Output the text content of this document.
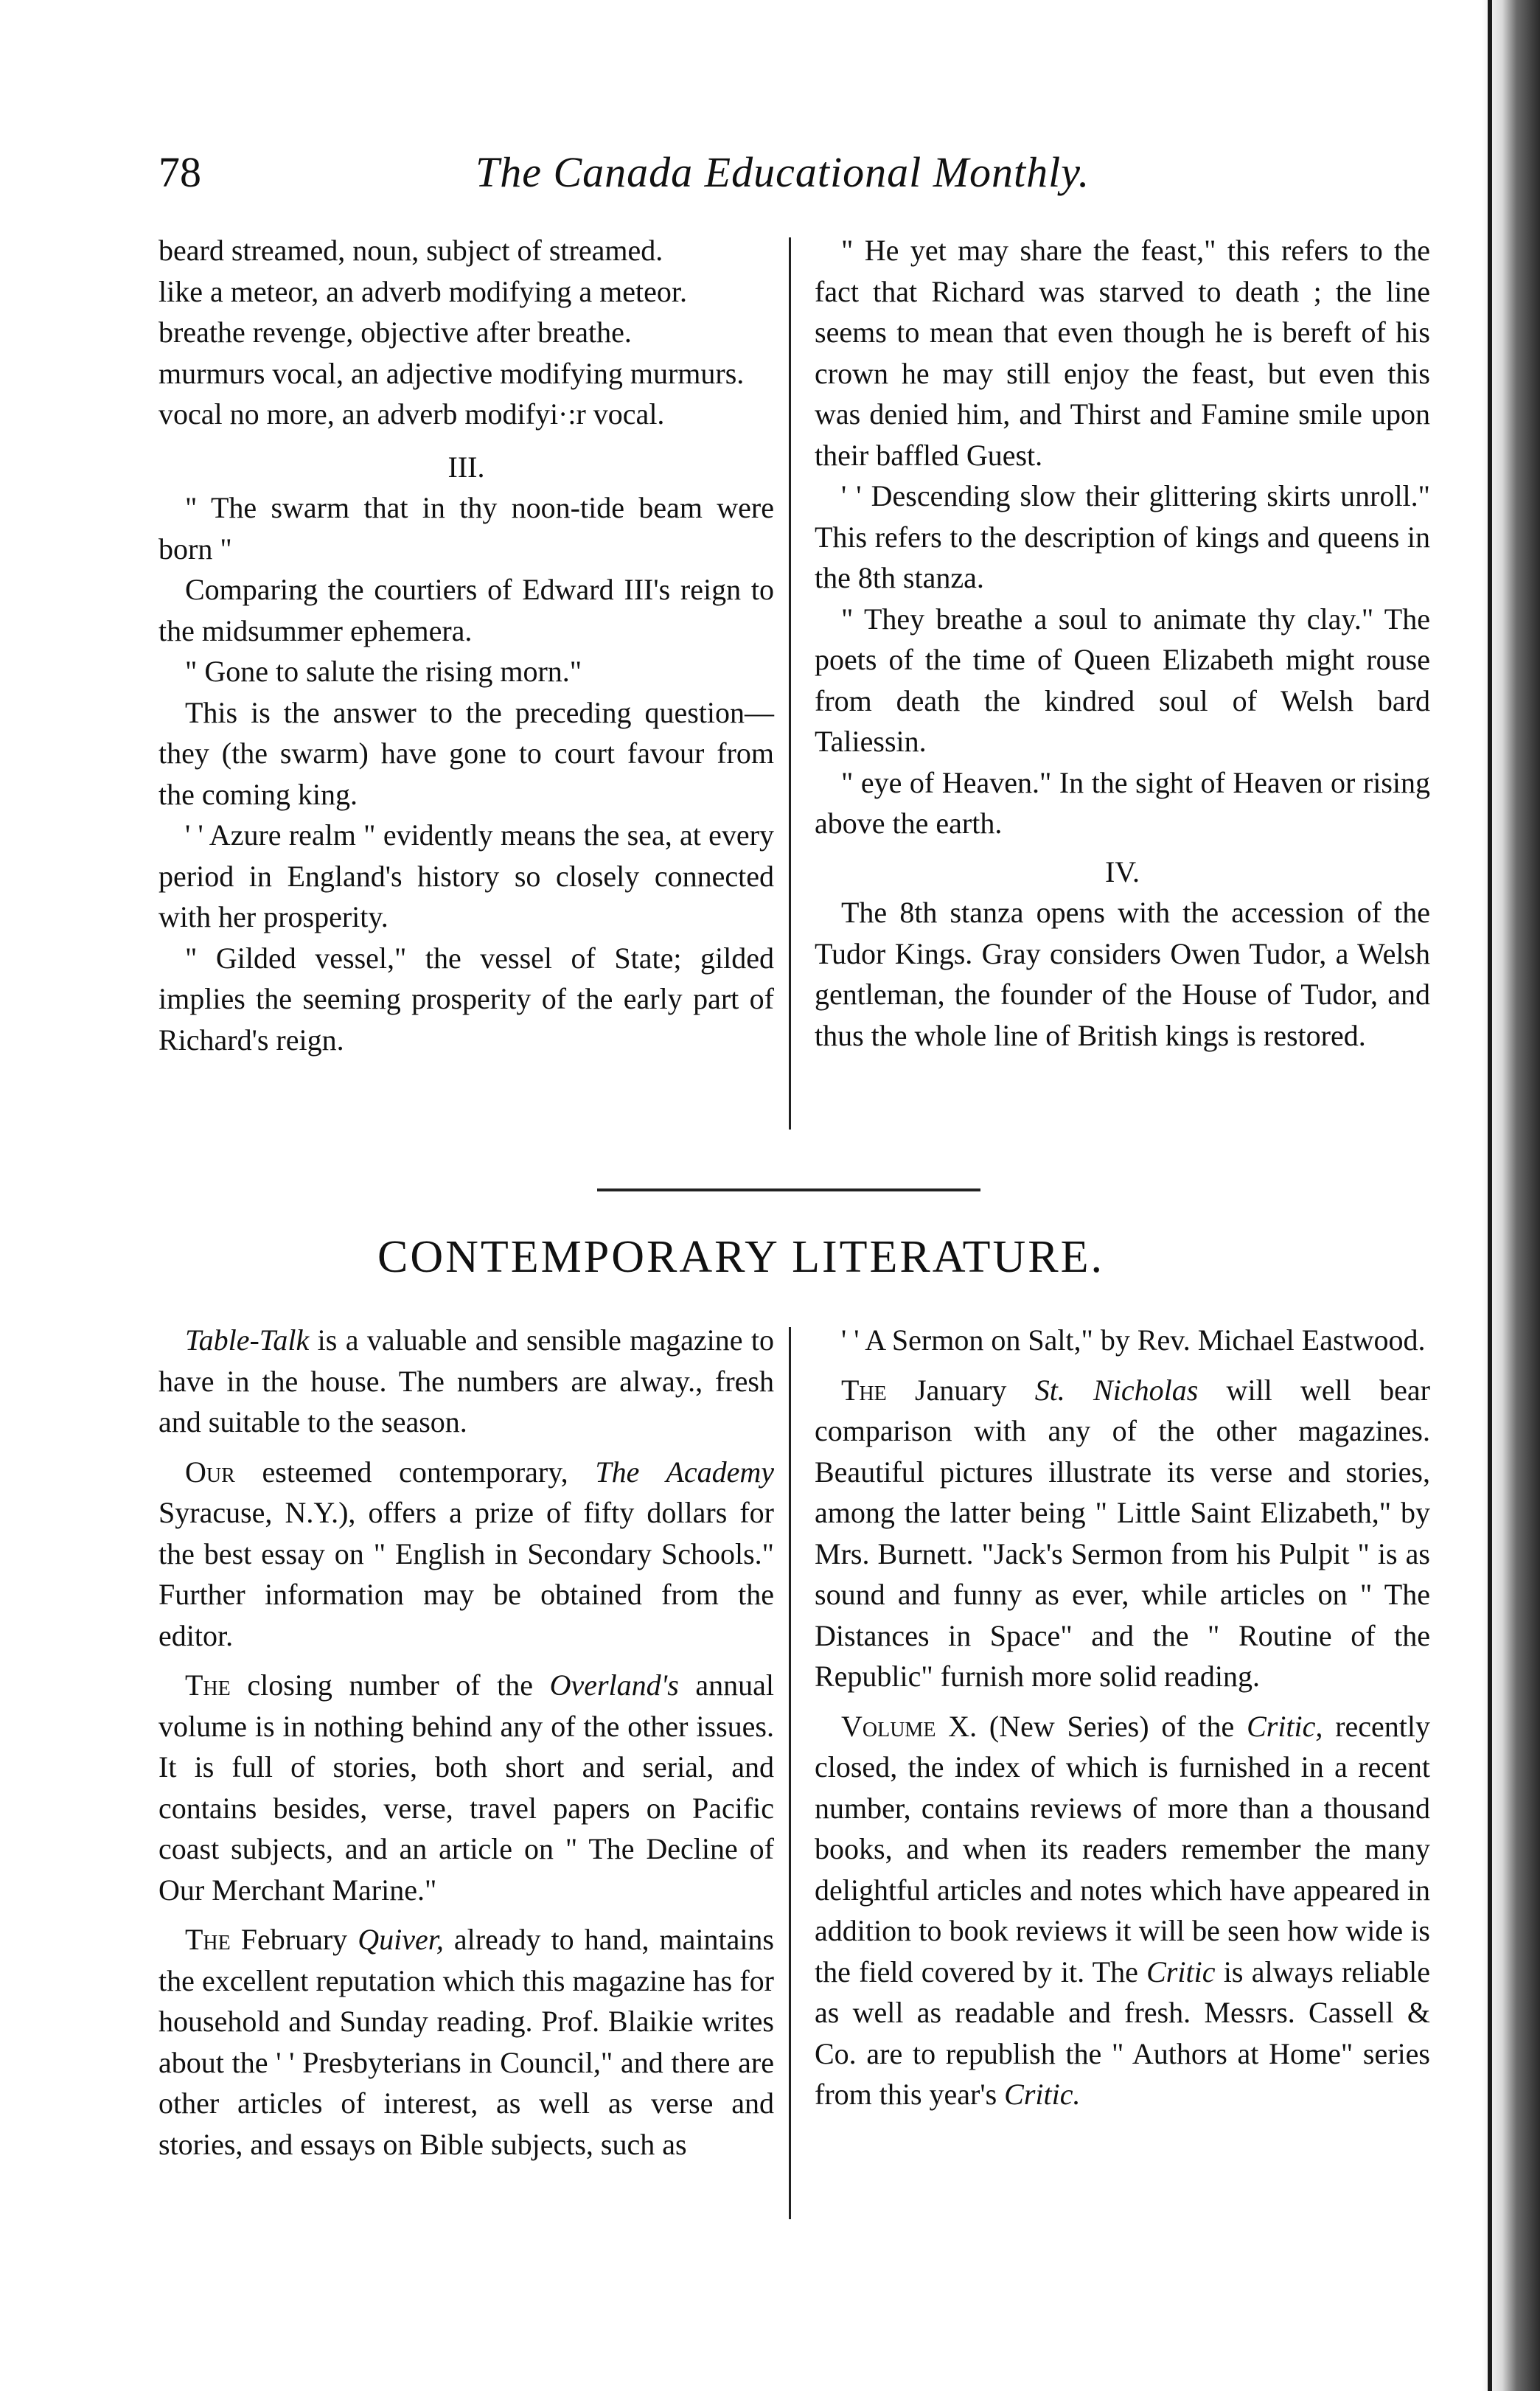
78	The Canada Educational Monthly.

beard streamed, noun, subject of streamed.

like a meteor, an adverb modifying a meteor.

breathe revenge, objective after breathe.

murmurs vocal, an adjective modifying murmurs.

vocal no more, an adverb modifyi·:r vocal.

III.

" The swarm that in thy noon-tide beam were born "

Comparing the courtiers of Edward III's reign to the midsummer ephemera.

" Gone to salute the rising morn."

This is the answer to the preceding question—they (the swarm) have gone to court favour from the coming king.

' ' Azure realm " evidently means the sea, at every period in England's history so closely connected with her prosperity.

" Gilded vessel," the vessel of State; gilded implies the seeming prosperity of the early part of Richard's reign.

" He yet may share the feast," this refers to the fact that Richard was starved to death ; the line seems to mean that even though he is bereft of his crown he may still enjoy the feast, but even this was denied him, and Thirst and Famine smile upon their baffled Guest.

' ' Descending slow their glittering skirts unroll." This refers to the description of kings and queens in the 8th stanza.

" They breathe a soul to animate thy clay." The poets of the time of Queen Elizabeth might rouse from death the kindred soul of Welsh bard Taliessin.

" eye of Heaven." In the sight of Heaven or rising above the earth.

IV.

The 8th stanza opens with the accession of the Tudor Kings. Gray considers Owen Tudor, a Welsh gentleman, the founder of the House of Tudor, and thus the whole line of British kings is restored.

CONTEMPORARY LITERATURE.

Table-Talk is a valuable and sensible magazine to have in the house. The numbers are alway., fresh and suitable to the season.

Our esteemed contemporary, The Academy Syracuse, N.Y.), offers a prize of fifty dollars for the best essay on " English in Secondary Schools." Further information may be obtained from the editor.

The closing number of the Overland's annual volume is in nothing behind any of the other issues. It is full of stories, both short and serial, and contains besides, verse, travel papers on Pacific coast subjects, and an article on " The Decline of Our Merchant Marine."

The February Quiver, already to hand, maintains the excellent reputation which this magazine has for household and Sunday reading. Prof. Blaikie writes about the ' ' Presbyterians in Council," and there are other articles of interest, as well as verse and stories, and essays on Bible subjects, such as

' ' A Sermon on Salt," by Rev. Michael Eastwood.

The January St. Nicholas will well bear comparison with any of the other magazines. Beautiful pictures illustrate its verse and stories, among the latter being " Little Saint Elizabeth," by Mrs. Burnett. "Jack's Sermon from his Pulpit " is as sound and funny as ever, while articles on " The Distances in Space" and the " Routine of the Republic" furnish more solid reading.

Volume X. (New Series) of the Critic, recently closed, the index of which is furnished in a recent number, contains reviews of more than a thousand books, and when its readers remember the many delightful articles and notes which have appeared in addition to book reviews it will be seen how wide is the field covered by it. The Critic is always reliable as well as readable and fresh. Messrs. Cassell & Co. are to republish the " Authors at Home" series from this year's Critic.
